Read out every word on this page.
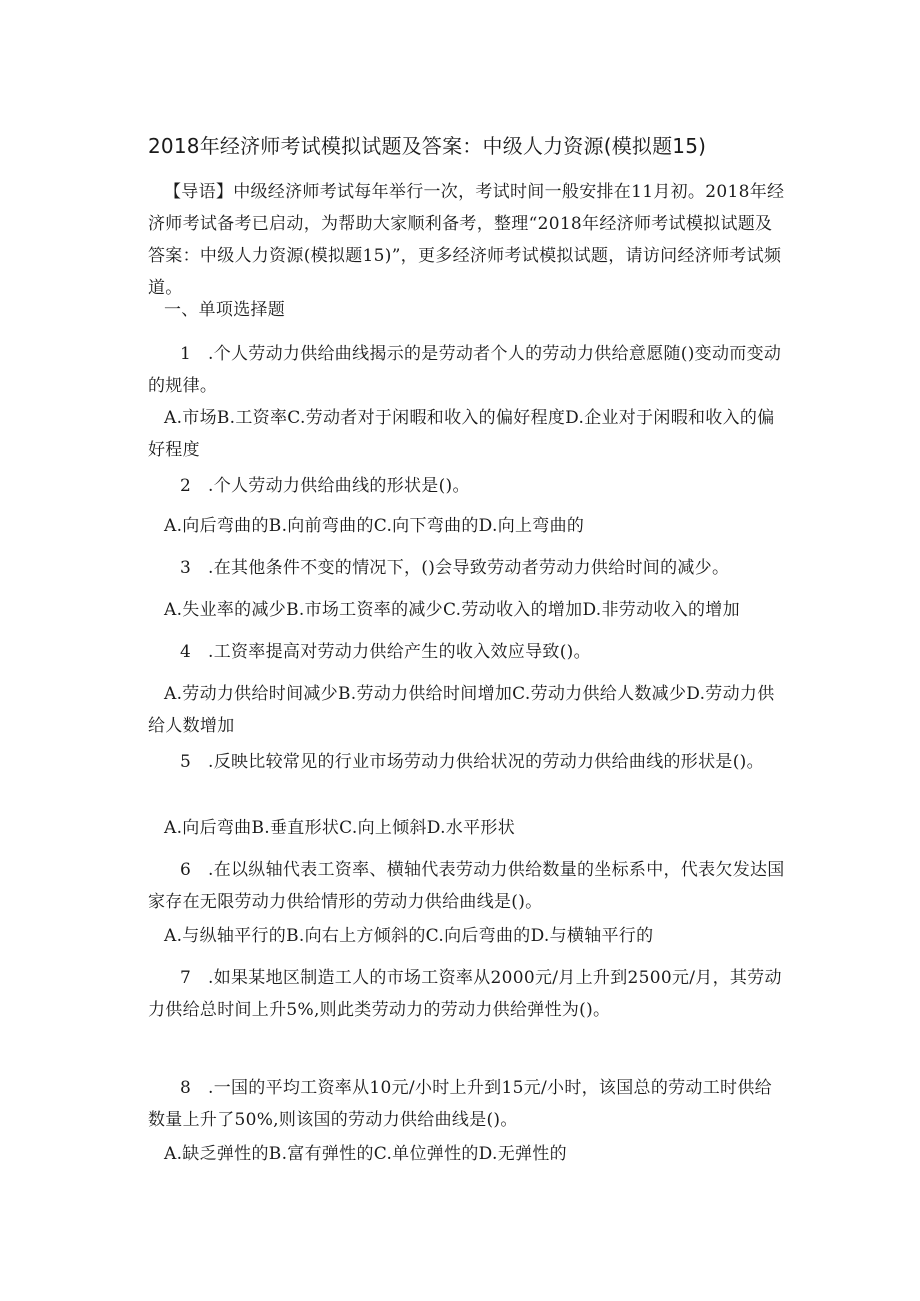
2018年经济师考试模拟试题及答案：中级人力资源(模拟题15)
【导语】中级经济师考试每年举行一次，考试时间一般安排在11月初。2018年经济师考试备考已启动，为帮助大家顺利备考，整理“2018年经济师考试模拟试题及答案：中级人力资源(模拟题15)”，更多经济师考试模拟试题，请访问经济师考试频道。
一、单项选择题
1 .个人劳动力供给曲线揭示的是劳动者个人的劳动力供给意愿随()变动而变动的规律。
A.市场B.工资率C.劳动者对于闲暇和收入的偏好程度D.企业对于闲暇和收入的偏好程度
2 .个人劳动力供给曲线的形状是()。
A.向后弯曲的B.向前弯曲的C.向下弯曲的D.向上弯曲的
3 .在其他条件不变的情况下，()会导致劳动者劳动力供给时间的减少。
A.失业率的减少B.市场工资率的减少C.劳动收入的增加D.非劳动收入的增加
4 .工资率提高对劳动力供给产生的收入效应导致()。
A.劳动力供给时间减少B.劳动力供给时间增加C.劳动力供给人数减少D.劳动力供给人数增加
5 .反映比较常见的行业市场劳动力供给状况的劳动力供给曲线的形状是()。
A.向后弯曲B.垂直形状C.向上倾斜D.水平形状
6 .在以纵轴代表工资率、横轴代表劳动力供给数量的坐标系中，代表欠发达国家存在无限劳动力供给情形的劳动力供给曲线是()。
A.与纵轴平行的B.向右上方倾斜的C.向后弯曲的D.与横轴平行的
7 .如果某地区制造工人的市场工资率从2000元/月上升到2500元/月，其劳动力供给总时间上升5%,则此类劳动力的劳动力供给弹性为()。
8 .一国的平均工资率从10元/小时上升到15元/小时，该国总的劳动工时供给数量上升了50%,则该国的劳动力供给曲线是()。
A.缺乏弹性的B.富有弹性的C.单位弹性的D.无弹性的
